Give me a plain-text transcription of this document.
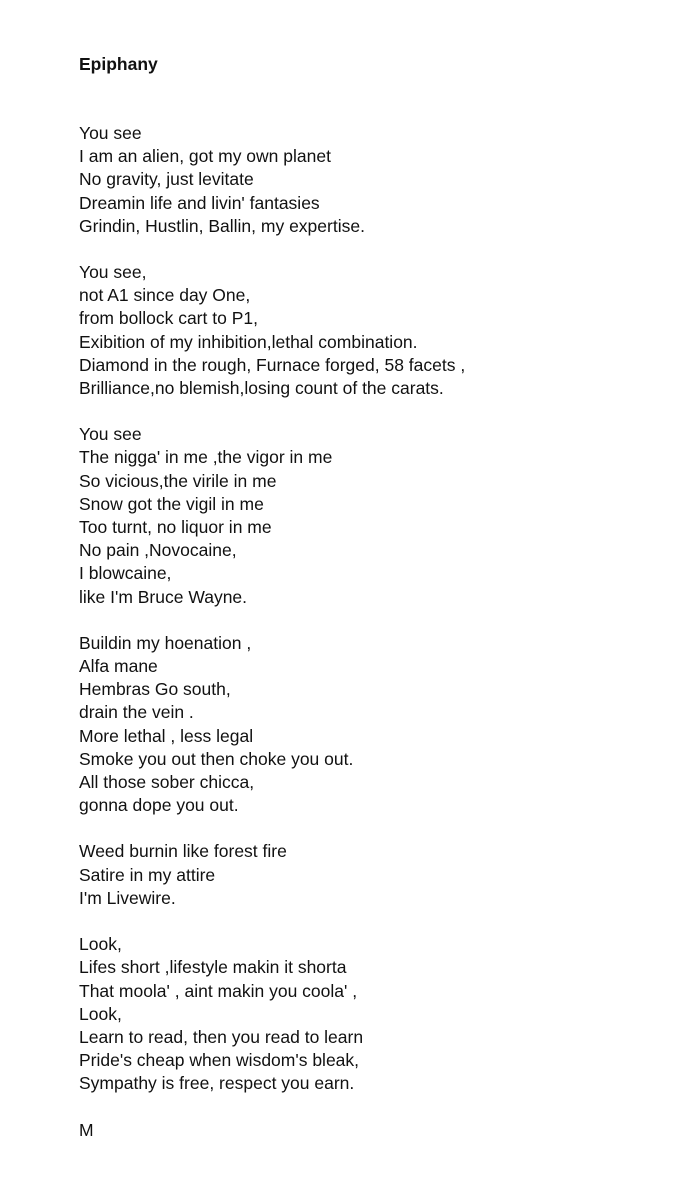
Epiphany
You see
I am an alien, got my own planet
No gravity, just levitate
Dreamin life and livin' fantasies
Grindin, Hustlin, Ballin, my expertise.
You see,
not A1 since day One,
from bollock cart to P1,
Exibition of my inhibition,lethal combination.
Diamond in the rough, Furnace forged, 58 facets ,
Brilliance,no blemish,losing count of the carats.
You see
The nigga' in me ,the vigor in me
So vicious,the virile in me
Snow got the vigil in me
Too turnt, no liquor in me
No pain ,Novocaine,
I blowcaine,
like I'm Bruce Wayne.
Buildin my hoenation ,
Alfa mane
Hembras Go south,
drain the vein .
More lethal , less legal
Smoke you out then choke you out.
All those sober chicca,
gonna dope you out.
Weed burnin like forest fire
Satire in my attire
I'm Livewire.
Look,
Lifes short ,lifestyle makin it shorta
That moola' , aint makin you coola' ,
Look,
Learn to read, then you read to learn
Pride's cheap when wisdom's bleak,
Sympathy is free, respect you earn.
M
